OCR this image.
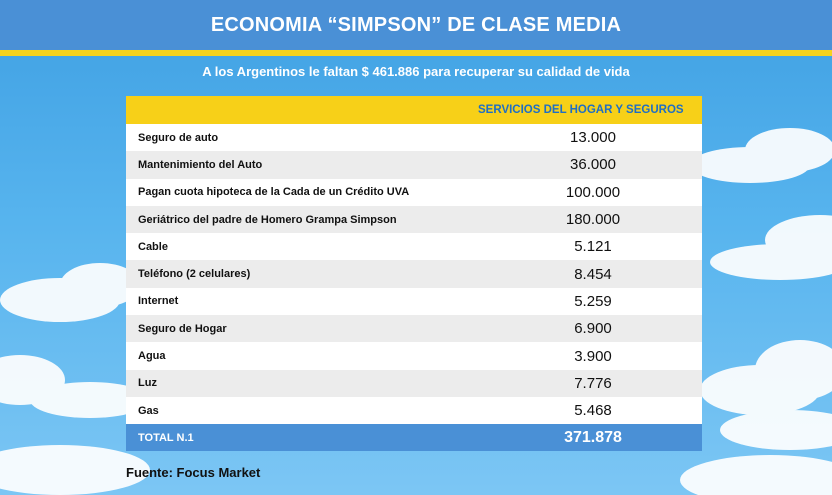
ECONOMIA “SIMPSON” DE CLASE MEDIA
A los Argentinos le faltan $ 461.886 para recuperar su calidad de vida
SERVICIOS DEL HOGAR Y SEGUROS
Seguro de auto	13.000
Mantenimiento del Auto	36.000
Pagan cuota hipoteca de la Cada de un Crédito UVA	100.000
Geriátrico del padre de Homero Grampa Simpson	180.000
Cable	5.121
Teléfono (2 celulares)	8.454
Internet	5.259
Seguro de Hogar	6.900
Agua	3.900
Luz	7.776
Gas	5.468
TOTAL N.1	371.878
Fuente: Focus Market
